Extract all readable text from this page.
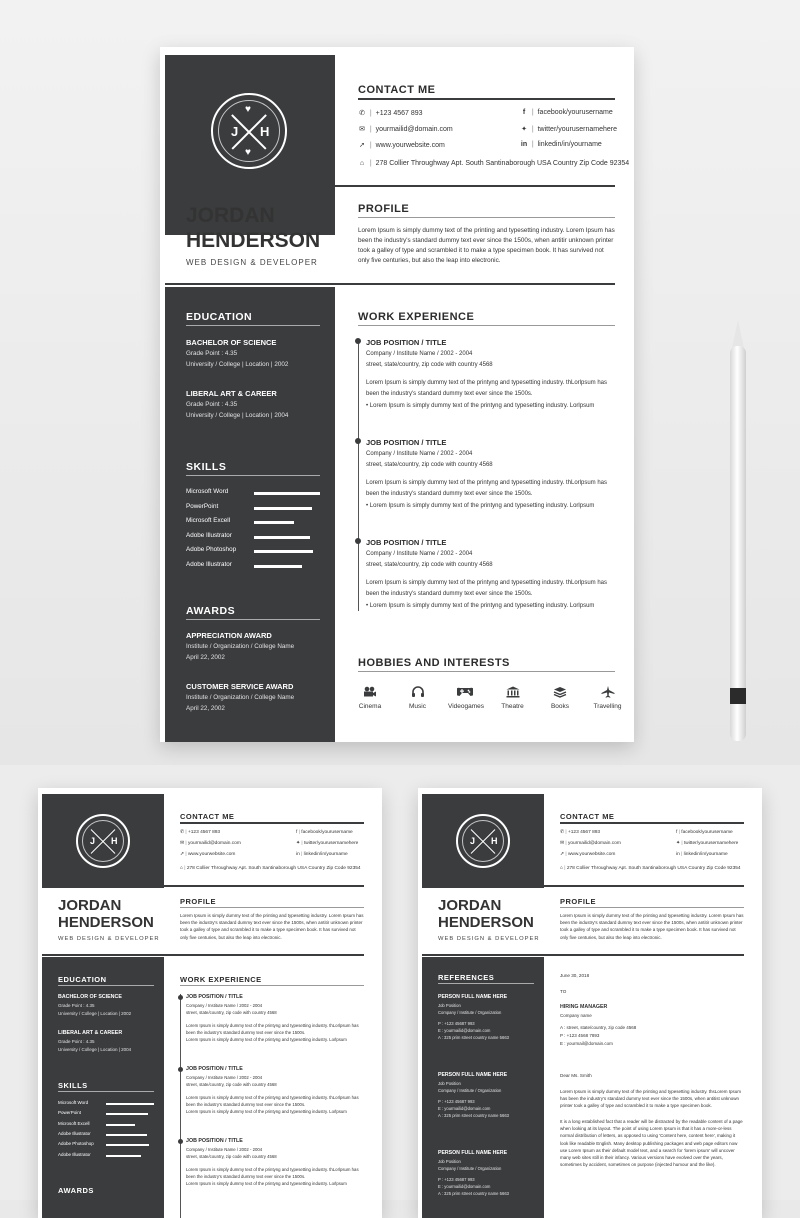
J H
♥
♥
CONTACT ME
✆ | +123 4567 893
✉ | yourmailid@domain.com
➚ | www.yourwebsite.com
f | facebook/yourusername
✦ | twitter/yourusernamehere
in | linkedin/in/yourname
⌂ | 278 Collier Throughway Apt. South Santinaborough USA Country Zip Code 92354
JORDAN
HENDERSON
WEB DESIGN & DEVELOPER
PROFILE
Lorem Ipsum is simply dummy text of the printing and typesetting industry. Lorem Ipsum has been the industry's standard dummy text ever since the 1500s, when antitir unknown printer took a galley of type and scrambled it to make a type specimen book. It has survived not only five centuries, but also the leap into electronic.
EDUCATION
BACHELOR OF SCIENCE
Grade Point : 4.35
University / College | Location | 2002
LIBERAL ART & CAREER
Grade Point : 4.35
University / College | Location | 2004
SKILLS
Microsoft Word
PowerPoint
Microsoft Excell
Adobe Illustrator
Adobe Photoshop
Adobe Illustrator
AWARDS
APPRECIATION AWARD
Institute / Organization / College Name
April 22, 2002
CUSTOMER SERVICE AWARD
Institute / Organization / College Name
April 22, 2002
WORK EXPERIENCE
JOB POSITION / TITLE
Company / Institute Name / 2002 - 2004
street, state/country, zip code with country 4568
Lorem Ipsum is simply dummy text of the printyng and typesetting industry. thLorlpsum has been the industry's standard dummy text ever since the 1500s.
• Lorem Ipsum is simply dummy text of the printyng and typesetting industry. Lorlpsum
JOB POSITION / TITLE
Company / Institute Name / 2002 - 2004
street, state/country, zip code with country 4568
Lorem Ipsum is simply dummy text of the printyng and typesetting industry. thLorlpsum has been the industry's standard dummy text ever since the 1500s.
• Lorem Ipsum is simply dummy text of the printyng and typesetting industry. Lorlpsum
JOB POSITION / TITLE
Company / Institute Name / 2002 - 2004
street, state/country, zip code with country 4568
Lorem Ipsum is simply dummy text of the printyng and typesetting industry. thLorlpsum has been the industry's standard dummy text ever since the 1500s.
• Lorem Ipsum is simply dummy text of the printyng and typesetting industry. Lorlpsum
HOBBIES AND INTERESTS
Cinema	Music	Videogames	Theatre	Books	Travelling
J H
CONTACT ME
✆ | +123 4567 893
✉ | yourmailid@domain.com
➚ | www.yourwebsite.com
f | facebook/yourusername
✦ | twitter/yourusernamehere
in | linkedin/in/yourname
⌂ | 278 Collier Throughway Apt. South Santinaborough USA Country Zip Code 92354
JORDAN
HENDERSON
WEB DESIGN & DEVELOPER
PROFILE
Lorem Ipsum is simply dummy text of the printing and typesetting industry. Lorem Ipsum has been the industry's standard dummy text ever since the 1500s, when antitir unknown printer took a galley of type and scrambled it to make a type specimen book. It has survived not only five centuries, but also the leap into electronic.
EDUCATION
BACHELOR OF SCIENCE
Grade Point : 4.35
University / College | Location | 2002
LIBERAL ART & CAREER
Grade Point : 4.35
University / College | Location | 2004
SKILLS
Microsoft Word
PowerPoint
Microsoft Excell
Adobe Illustrator
Adobe Photoshop
Adobe Illustrator
AWARDS
WORK EXPERIENCE
JOB POSITION / TITLE
Company / Institute Name / 2002 - 2004
street, state/country, zip code with country 4568
Lorem Ipsum is simply dummy text of the printyng and typesetting industry. thLorlpsum has been the industry's standard dummy text ever since the 1500s.
Lorem Ipsum is simply dummy text of the printyng and typesetting industry. Lorlpsum
JOB POSITION / TITLE
Company / Institute Name / 2002 - 2004
street, state/country, zip code with country 4568
Lorem Ipsum is simply dummy text of the printyng and typesetting industry. thLorlpsum has been the industry's standard dummy text ever since the 1500s.
Lorem Ipsum is simply dummy text of the printyng and typesetting industry. Lorlpsum
JOB POSITION / TITLE
Company / Institute Name / 2002 - 2004
street, state/country, zip code with country 4568
Lorem Ipsum is simply dummy text of the printyng and typesetting industry. thLorlpsum has been the industry's standard dummy text ever since the 1500s.
Lorem Ipsum is simply dummy text of the printyng and typesetting industry. Lorlpsum
J H
CONTACT ME
✆ | +123 4567 893
✉ | yourmailid@domain.com
➚ | www.yourwebsite.com
f | facebook/yourusername
✦ | twitter/yourusernamehere
in | linkedin/in/yourname
⌂ | 278 Collier Throughway Apt. South Santinaborough USA Country Zip Code 92354
JORDAN
HENDERSON
WEB DESIGN & DEVELOPER
PROFILE
Lorem Ipsum is simply dummy text of the printing and typesetting industry. Lorem Ipsum has been the industry's standard dummy text ever since the 1500s, when antitir unknown printer took a galley of type and scrambled it to make a type specimen book. It has survived not only five centuries, but also the leap into electronic.
REFERENCES
PERSON FULL NAME HERE
Job Position
Company / Institute / Organization
P : +123 45687 993
E : yourmailid@domain.com
A : 325 prim street country name 5663
PERSON FULL NAME HERE
Job Position
Company / Institute / Organization
P : +123 45687 993
E : yourmailid@domain.com
A : 325 prim street country name 5663
PERSON FULL NAME HERE
Job Position
Company / Institute / Organization
P : +123 45687 993
E : yourmailid@domain.com
A : 325 prim street country name 5663
June 30, 2018
TO
HIRING MANAGER
Company name
A : street, state/country, zip code 4568
P : +123 4568 7893
E : yourmail@domain.com
Dear Ms. Smith
Lorem Ipsum is simply dummy text of the printing and typesetting industry. thsLorem Ipsum has been the industry's standard dummy text ever since the 1500s, when antitist unknown printer took a galley of type and scrambled it to make a type specimen book.
It is a long established fact that a reader will be distracted by the readable content of a page when looking at its layout. The point of using Lorem Ipsum is that it has a more-or-less normal distribution of letters, as opposed to using 'Content here, content here', making it look like readable English. Many desktop publishing packages and web page editors now use Lorem Ipsum as their default model text, and a search for 'lorem ipsum' will uncover many web sites still in their infancy. Various versions have evolved over the years, sometimes by accident, sometimes on purpose (injected humour and the like).
